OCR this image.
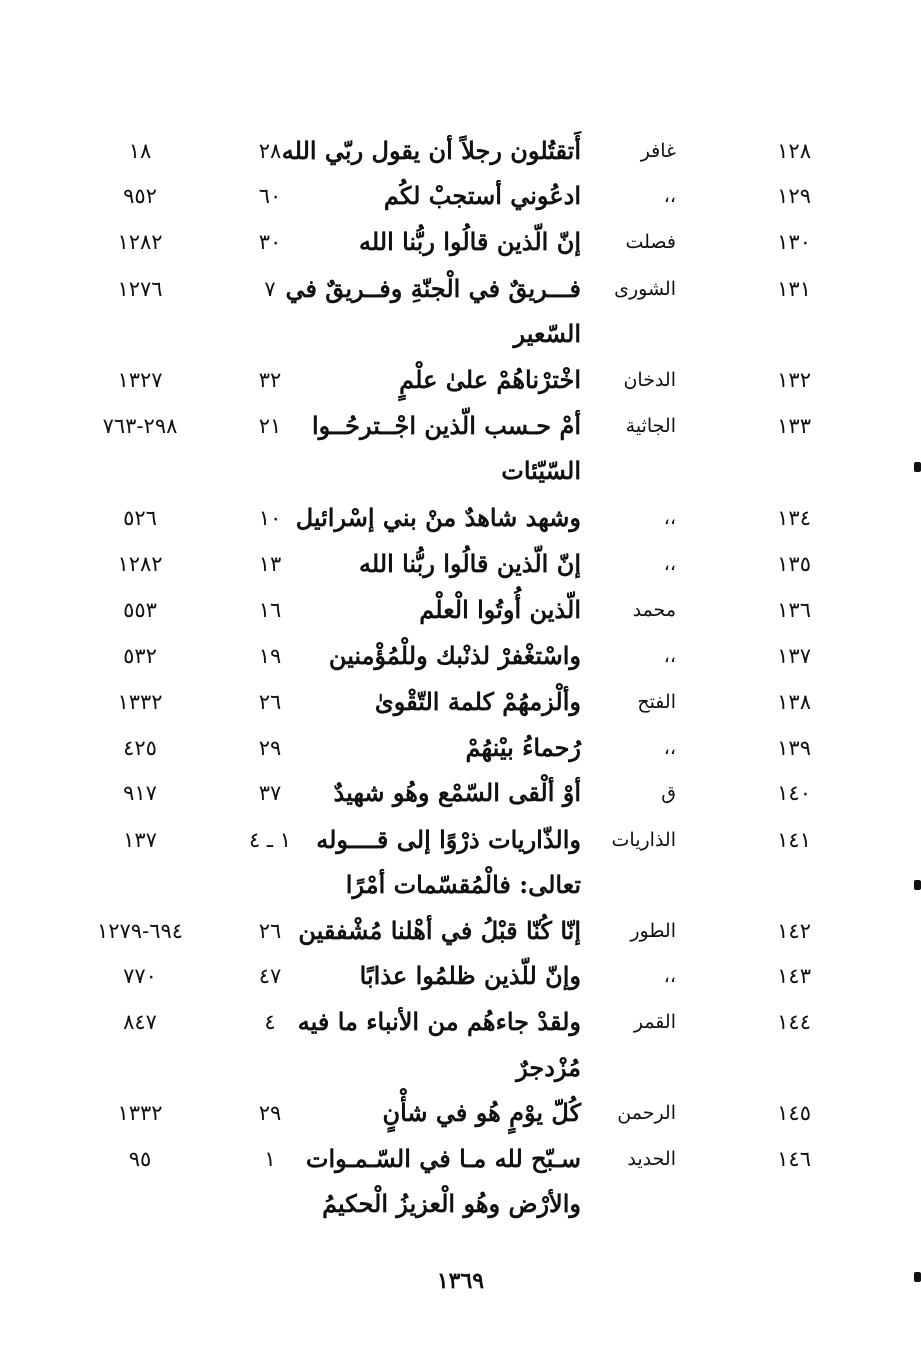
١٢٨
غافر
أَتقتُلون رجلاً أن يقول ربّي الله
٢٨
١٨
١٢٩
،،
ادعُوني أستجبْ لكُم
٦٠
٩٥٢
١٣٠
فصلت
إنّ الّذين قالُوا ربُّنا الله
٣٠
١٢٨٢
١٣١
الشورى
فـــريقٌ في الْجنّةِ وفــريقٌ في
٧
١٢٧٦
السّعير
١٣٢
الدخان
اخْترْناهُمْ علىٰ علْمٍ
٣٢
١٣٢٧
١٣٣
الجاثية
أمْ حـسب الّذين اجْــترحُــوا
٢١
٢٩٨-٧٦٣
السّيّئات
١٣٤
،،
وشهد شاهدٌ منْ بني إسْرائيل
١٠
٥٢٦
١٣٥
،،
إنّ الّذين قالُوا ربُّنا الله
١٣
١٢٨٢
١٣٦
محمد
الّذين أُوتُوا الْعلْم
١٦
٥٥٣
١٣٧
،،
واسْتغْفرْ لذنْبك وللْمُؤْمنين
١٩
٥٣٢
١٣٨
الفتح
وألْزمهُمْ كلمة التّقْوىٰ
٢٦
١٣٣٢
١٣٩
،،
رُحماءُ بيْنهُمْ
٢٩
٤٢٥
١٤٠
ق
أوْ ألْقى السّمْع وهُو شهيدٌ
٣٧
٩١٧
١٤١
الذاريات
والذّاريات ذرْوًا إلى قــــوله
١ ـ ٤
١٣٧
تعالى: فالْمُقسّمات أمْرًا
١٤٢
الطور
إنّا كُنّا قبْلُ في أهْلنا مُشْفقين
٢٦
٦٩٤-١٢٧٩
١٤٣
،،
وإنّ للّذين ظلمُوا عذابًا
٤٧
٧٧٠
١٤٤
القمر
ولقدْ جاءهُم من الأنباء ما فيه
٤
٨٤٧
مُزْدجرٌ
١٤٥
الرحمن
كُلّ يوْمٍ هُو في شأْنٍ
٢٩
١٣٣٢
١٤٦
الحديد
سـبّح لله مـا في السّـمـوات
١
٩٥
والأرْض وهُو الْعزيزُ الْحكيمُ
١٣٦٩
